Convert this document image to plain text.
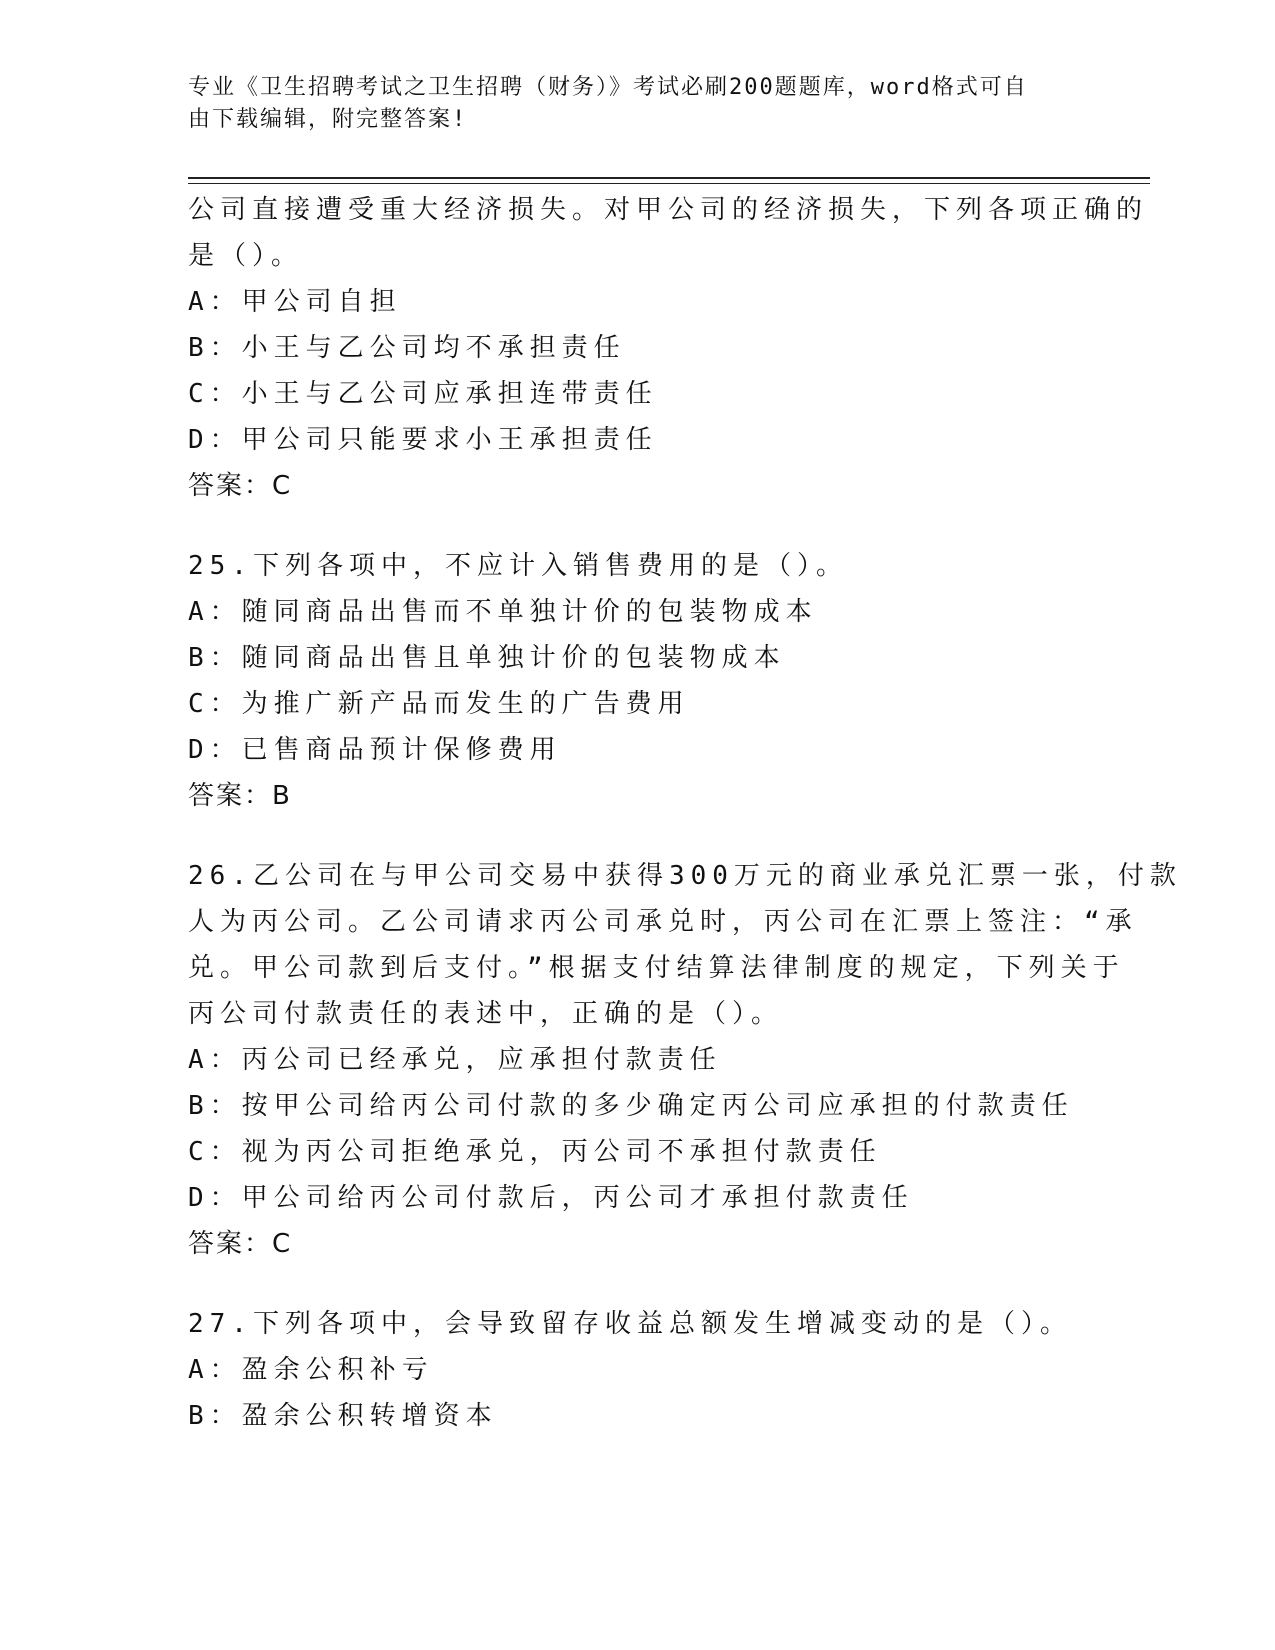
专业《卫生招聘考试之卫生招聘（财务）》考试必刷200题题库，word格式可自
由下载编辑，附完整答案!
公司直接遭受重大经济损失。对甲公司的经济损失，下列各项正确的
是（）。
A：甲公司自担
B：小王与乙公司均不承担责任
C：小王与乙公司应承担连带责任
D：甲公司只能要求小王承担责任
答案：C
25.下列各项中，不应计入销售费用的是（）。
A：随同商品出售而不单独计价的包装物成本
B：随同商品出售且单独计价的包装物成本
C：为推广新产品而发生的广告费用
D：已售商品预计保修费用
答案：B
26.乙公司在与甲公司交易中获得300万元的商业承兑汇票一张，付款
人为丙公司。乙公司请求丙公司承兑时，丙公司在汇票上签注：“承
兑。甲公司款到后支付。”根据支付结算法律制度的规定，下列关于
丙公司付款责任的表述中，正确的是（）。
A：丙公司已经承兑，应承担付款责任
B：按甲公司给丙公司付款的多少确定丙公司应承担的付款责任
C：视为丙公司拒绝承兑，丙公司不承担付款责任
D：甲公司给丙公司付款后，丙公司才承担付款责任
答案：C
27.下列各项中，会导致留存收益总额发生增减变动的是（）。
A：盈余公积补亏
B：盈余公积转增资本
